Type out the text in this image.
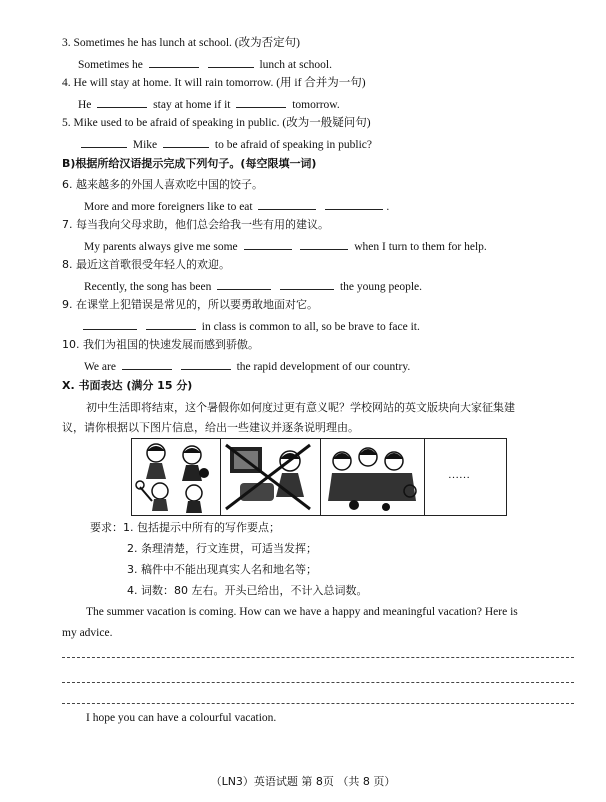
3. Sometimes he has lunch at school. (改为否定句)
Sometimes he	lunch at school.
4. He will stay at home. It will rain tomorrow. (用 if 合并为一句)
He	stay at home if it	tomorrow.
5. Mike used to be afraid of speaking in public. (改为一般疑问句)
Mike	to be afraid of speaking in public?
B)根据所给汉语提示完成下列句子。(每空限填一词)
6. 越来越多的外国人喜欢吃中国的饺子。
More and more foreigners like to eat	.
7. 每当我向父母求助，他们总会给我一些有用的建议。
My parents always give me some	when I turn to them for help.
8. 最近这首歌很受年轻人的欢迎。
Recently, the song has been	the young people.
9. 在课堂上犯错误是常见的，所以要勇敢地面对它。
in class is common to all, so be brave to face it.
10. 我们为祖国的快速发展而感到骄傲。
We are	the rapid development of our country.
X. 书面表达 (满分 15 分)
初中生活即将结束，这个暑假你如何度过更有意义呢？学校网站的英文版块向大家征集建
议，请你根据以下图片信息，给出一些建议并逐条说明理由。
……
要求：1. 包括提示中所有的写作要点；
2. 条理清楚，行文连贯，可适当发挥；
3. 稿件中不能出现真实人名和地名等；
4. 词数：80 左右。开头已给出，不计入总词数。
The summer vacation is coming. How can we have a happy and meaningful vacation? Here is
my advice.
I hope you can have a colourful vacation.
（LN3）英语试题 第 8页 （共 8 页）
